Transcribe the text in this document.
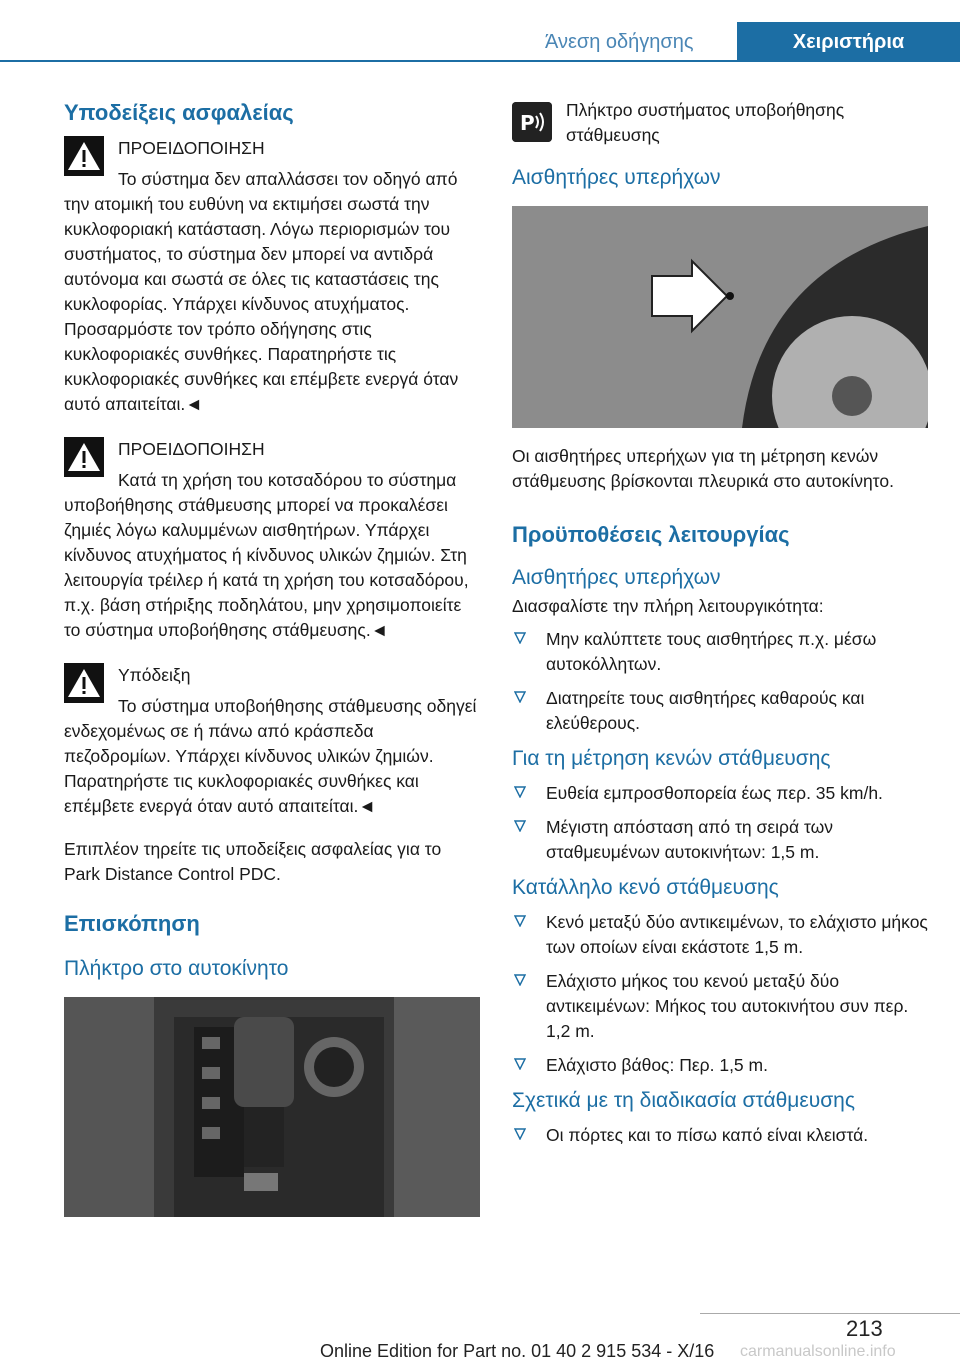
Άνεση οδήγησης	Χειριστήρια
Υποδείξεις ασφαλείας
ΠΡΟΕΙΔΟΠΟΙΗΣΗ

Το σύστημα δεν απαλλάσσει τον οδηγό από την ατομική του ευθύνη να εκτιμήσει σωστά την κυκλοφοριακή κατάσταση. Λόγω περιορισμών του συστήματος, το σύστημα δεν μπορεί να αντιδρά αυτόνομα και σωστά σε όλες τις καταστάσεις της κυκλοφορίας. Υπάρχει κίνδυνος ατυχήματος. Προσαρμόστε τον τρόπο οδήγησης στις κυκλοφοριακές συνθήκες. Παρατηρήστε τις κυκλοφοριακές συνθήκες και επέμβετε ενεργά όταν αυτό απαιτείται.◄

ΠΡΟΕΙΔΟΠΟΙΗΣΗ

Κατά τη χρήση του κοτσαδόρου το σύστημα υποβοήθησης στάθμευσης μπορεί να προκαλέσει ζημιές λόγω καλυμμένων αισθητήρων. Υπάρχει κίνδυνος ατυχήματος ή κίνδυνος υλικών ζημιών. Στη λειτουργία τρέιλερ ή κατά τη χρήση του κοτσαδόρου, π.χ. βάση στήριξης ποδηλάτου, μην χρησιμοποιείτε το σύστημα υποβοήθησης στάθμευσης.◄

Υπόδειξη

Το σύστημα υποβοήθησης στάθμευσης οδηγεί ενδεχομένως σε ή πάνω από κράσπεδα πεζοδρομίων. Υπάρχει κίνδυνος υλικών ζημιών. Παρατηρήστε τις κυκλοφοριακές συνθήκες και επέμβετε ενεργά όταν αυτό απαιτείται.◄

Επιπλέον τηρείτε τις υποδείξεις ασφαλείας για το Park Distance Control PDC.

Επισκόπηση
Πλήκτρο στο αυτοκίνητο
P

Πλήκτρο συστήματος υποβοήθησης στάθμευσης

Αισθητήρες υπερήχων

Οι αισθητήρες υπερήχων για τη μέτρηση κενών στάθμευσης βρίσκονται πλευρικά στο αυτοκίνητο.

Προϋποθέσεις λειτουργίας
Αισθητήρες υπερήχων

Διασφαλίστε την πλήρη λειτουργικότητα:

Μην καλύπτετε τους αισθητήρες π.χ. μέσω αυτοκόλλητων.
Διατηρείτε τους αισθητήρες καθαρούς και ελεύθερους.
Για τη μέτρηση κενών στάθμευσης
Ευθεία εμπροσθοπορεία έως περ. 35 km/h.
Μέγιστη απόσταση από τη σειρά των σταθμευμένων αυτοκινήτων: 1,5 m.
Κατάλληλο κενό στάθμευσης
Κενό μεταξύ δύο αντικειμένων, το ελάχιστο μήκος των οποίων είναι εκάστοτε 1,5 m.
Ελάχιστο μήκος του κενού μεταξύ δύο αντικειμένων: Μήκος του αυτοκινήτου συν περ. 1,2 m.
Ελάχιστο βάθος: Περ. 1,5 m.
Σχετικά με τη διαδικασία στάθμευσης
Οι πόρτες και το πίσω καπό είναι κλειστά.
213
Online Edition for Part no. 01 40 2 915 534 - X/16 carmanualsonline.info
